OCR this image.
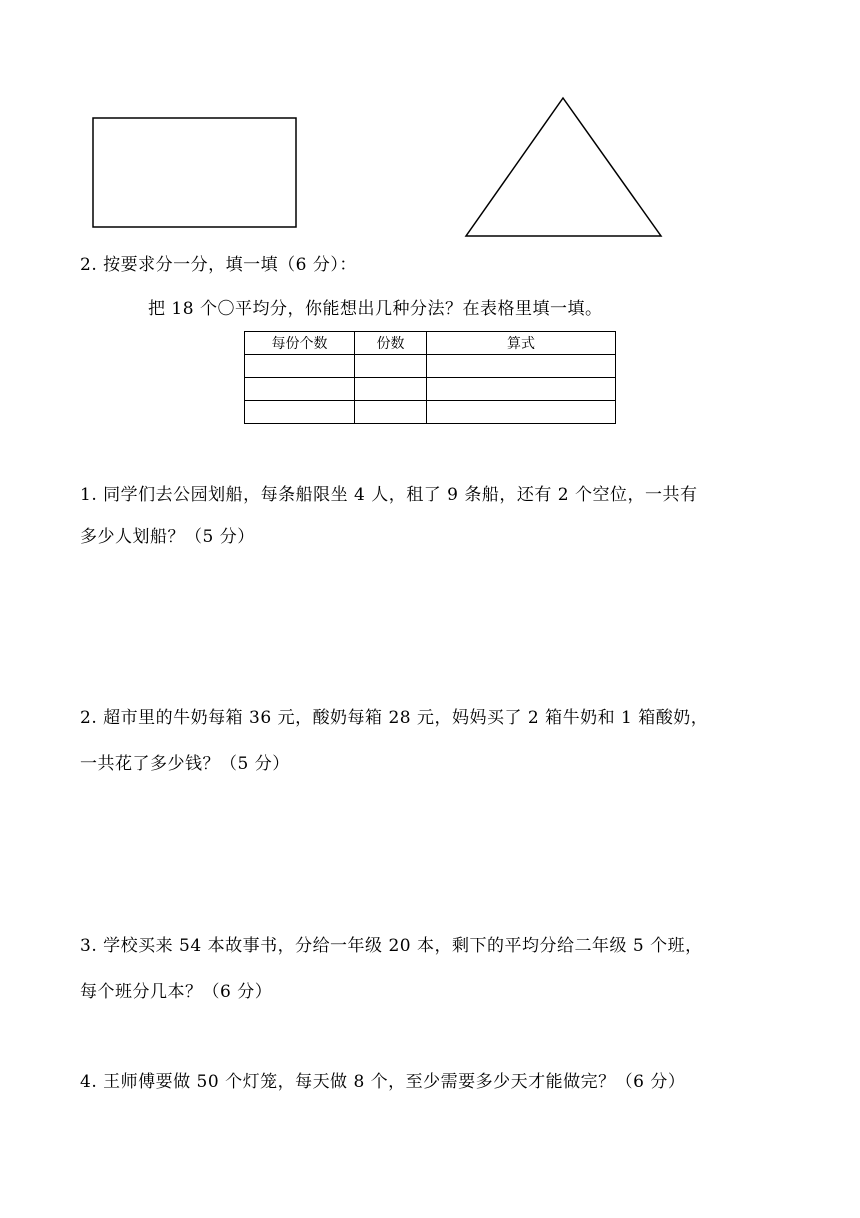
2. 按要求分一分，填一填（6 分）：
把 18 个〇平均分，你能想出几种分法？在表格里填一填。
每份个数	份数	算式

1. 同学们去公园划船，每条船限坐 4 人，租了 9 条船，还有 2 个空位，一共有
多少人划船？（5 分）
2. 超市里的牛奶每箱 36 元，酸奶每箱 28 元，妈妈买了 2 箱牛奶和 1 箱酸奶，
一共花了多少钱？（5 分）
3. 学校买来 54 本故事书，分给一年级 20 本，剩下的平均分给二年级 5 个班，
每个班分几本？（6 分）
4. 王师傅要做 50 个灯笼，每天做 8 个，至少需要多少天才能做完？（6 分）
